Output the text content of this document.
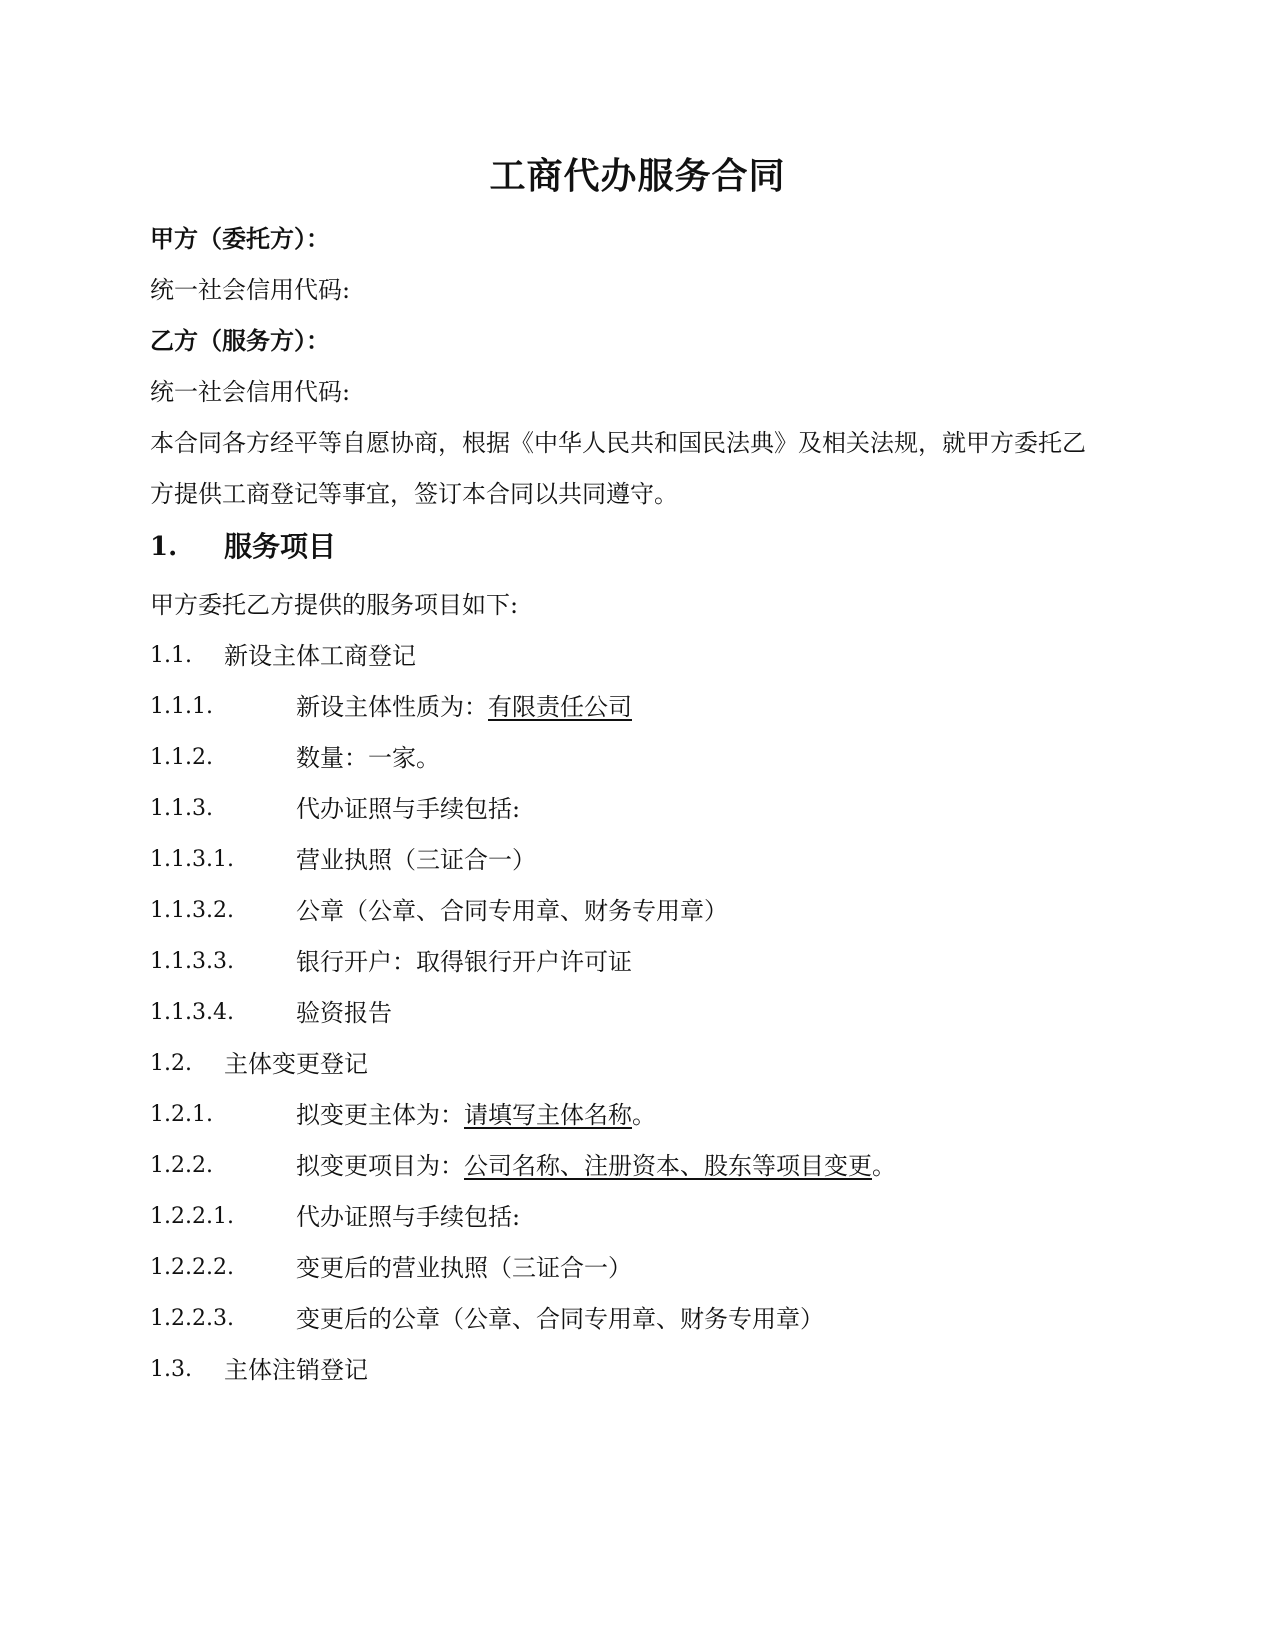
工商代办服务合同
甲方（委托方）：
统一社会信用代码:
乙方（服务方）：
统一社会信用代码:
本合同各方经平等自愿协商，根据《中华人民共和国民法典》及相关法规，就甲方委托乙
方提供工商登记等事宜，签订本合同以共同遵守。
1. 服务项目
甲方委托乙方提供的服务项目如下:
1.1. 新设主体工商登记
1.1.1.	新设主体性质为：有限责任公司
1.1.2.	数量：一家。
1.1.3.	代办证照与手续包括:
1.1.3.1.	营业执照（三证合一）
1.1.3.2.	公章（公章、合同专用章、财务专用章）
1.1.3.3.	银行开户：取得银行开户许可证
1.1.3.4.	验资报告
1.2. 主体变更登记
1.2.1.	拟变更主体为：请填写主体名称。
1.2.2.	拟变更项目为：公司名称、注册资本、股东等项目变更。
1.2.2.1.	代办证照与手续包括:
1.2.2.2.	变更后的营业执照（三证合一）
1.2.2.3.	变更后的公章（公章、合同专用章、财务专用章）
1.3. 主体注销登记
